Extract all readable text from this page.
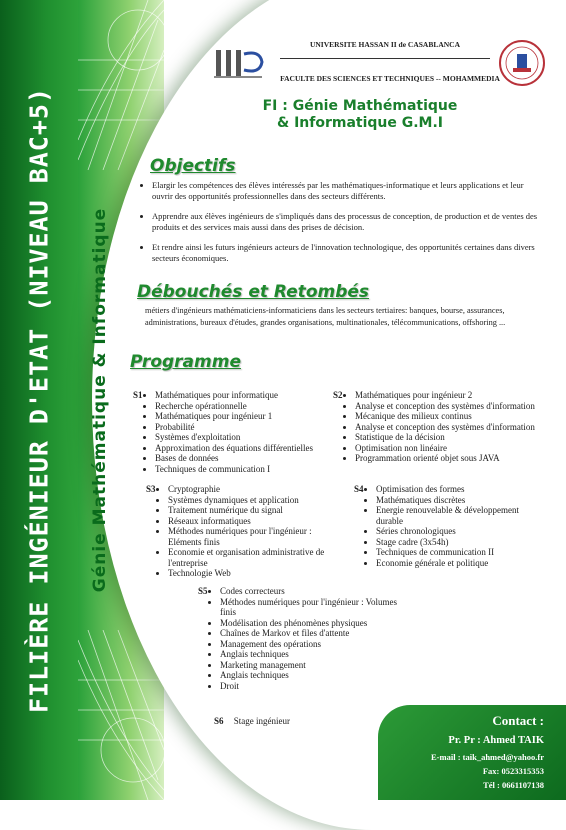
FILIÈRE INGÉNIEUR D'ETAT (NIVEAU BAC+5) Génie Mathématique & Informatique
UNIVERSITE HASSAN II de CASABLANCA
FACULTE DES SCIENCES ET TECHNIQUES -- MOHAMMEDIA
FI : Génie Mathématique
& Informatique G.M.I
Objectifs
• Elargir les compétences des élèves intéressés par les mathématiques-informatique et leurs applications et leur ouvrir des opportunités professionnelles dans des secteurs différents.
• Apprendre aux élèves ingénieurs de s'impliqués dans des processus de conception, de production et de ventes des produits et des services mais aussi dans des prises de décision.
• Et rendre ainsi les futurs ingénieurs acteurs de l'innovation technologique, des opportunités certaines dans divers secteurs économiques.
Débouchés et Retombés
métiers d'ingénieurs mathématiciens-informaticiens dans les secteurs tertiaires: banques, bourse, assurances, administrations, bureaux d'études, grandes organisations, multinationales, télécommunications, offshoring ...
Programme
S1 • Mathématiques pour informatique
• Recherche opérationnelle
• Mathématiques pour ingénieur 1
• Probabilité
• Systèmes d'exploitation
• Approximation des équations différentielles
• Bases de données
• Techniques de communication I
S2 • Mathématiques pour ingénieur 2
• Analyse et conception des systèmes d'information
• Mécanique des milieux continus
• Analyse et conception des systèmes d'information
• Statistique de la décision
• Optimisation non linéaire
• Programmation orienté objet sous JAVA
S3 • Cryptographie
• Systèmes dynamiques et application
• Traitement numérique du signal
• Réseaux informatiques
• Méthodes numériques pour l'ingénieur : Eléments finis
• Economie et organisation administrative de l'entreprise
• Technologie Web
S4 • Optimisation des formes
• Mathématiques discrètes
• Energie renouvelable & développement durable
• Séries chronologiques
• Stage cadre (3x54h)
• Techniques de communication II
• Economie générale et politique
S5 • Codes correcteurs
• Méthodes numériques pour l'ingénieur : Volumes finis
• Modélisation des phénomènes physiques
• Chaînes de Markov et files d'attente
• Management des opérations
• Anglais techniques
• Marketing management
• Anglais techniques
• Droit
S6 Stage ingénieur	Contact :
Pr. Pr : Ahmed TAIK
E-mail : taik_ahmed@yahoo.fr
Fax: 0523315353
Tél : 0661107138
